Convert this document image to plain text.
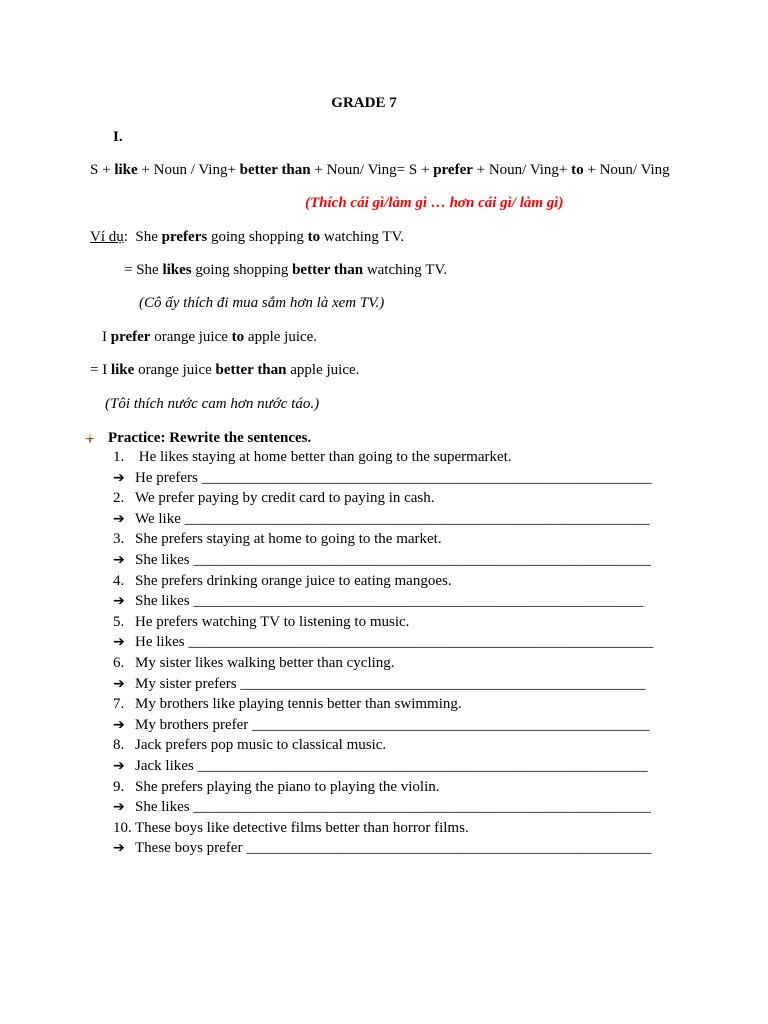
GRADE 7
I.
S + like + Noun / Ving+ better than + Noun/ Ving= S + prefer + Noun/ Ving+ to + Noun/ Ving
(Thích cái gì/làm gì … hơn cái gì/ làm gì)
Ví dụ:  She prefers going shopping to watching TV.
= She likes going shopping better than watching TV.
(Cô ấy thích đi mua sắm hơn là xem TV.)
I prefer orange juice to apple juice.
= I like orange juice better than apple juice.
(Tôi thích nước cam hơn nước táo.)
Practice: Rewrite the sentences.
1. He likes staying at home better than going to the supermarket.
➔ He prefers ____________________________________________________________
2. We prefer paying by credit card to paying in cash.
➔ We like ______________________________________________________________
3. She prefers staying at home to going to the market.
➔ She likes _____________________________________________________________
4. She prefers drinking orange juice to eating mangoes.
➔ She likes ____________________________________________________________
5. He prefers watching TV to listening to music.
➔ He likes ______________________________________________________________
6. My sister likes walking better than cycling.
➔ My sister prefers ______________________________________________________
7. My brothers like playing tennis better than swimming.
➔ My brothers prefer _____________________________________________________
8. Jack prefers pop music to classical music.
➔ Jack likes ____________________________________________________________
9. She prefers playing the piano to playing the violin.
➔ She likes _____________________________________________________________
10. These boys like detective films better than horror films.
➔ These boys prefer ______________________________________________________
